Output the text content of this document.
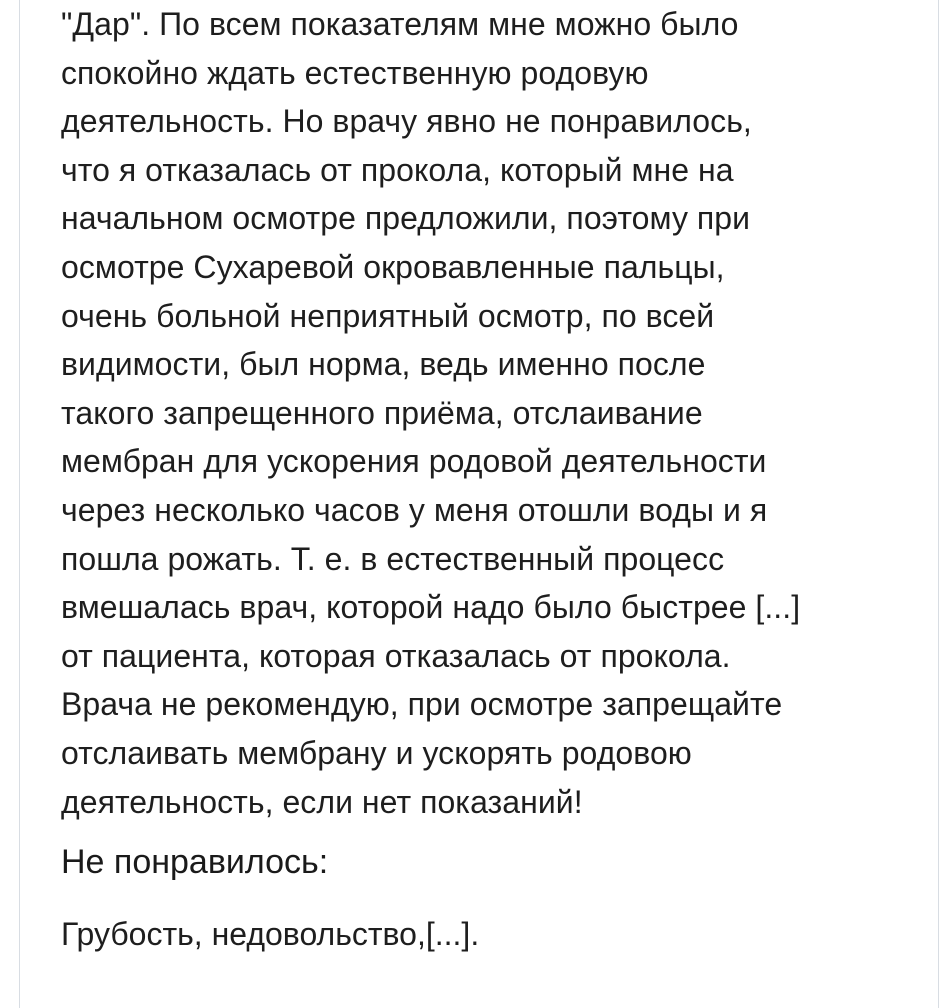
"Дар". По всем показателям мне можно было
спокойно ждать естественную родовую
деятельность. Но врачу явно не понравилось,
что я отказалась от прокола, который мне на
начальном осмотре предложили, поэтому при
осмотре Сухаревой окровавленные пальцы,
очень больной неприятный осмотр, по всей
видимости, был норма, ведь именно после
такого запрещенного приёма, отслаивание
мембран для ускорения родовой деятельности
через несколько часов у меня отошли воды и я
пошла рожать. Т. е. в естественный процесс
вмешалась врач, которой надо было быстрее [...]
от пациента, которая отказалась от прокола.
Врача не рекомендую, при осмотре запрещайте
отслаивать мембрану и ускорять родовою
деятельность, если нет показаний!
Не понравилось:
Грубость, недовольство,[...].
